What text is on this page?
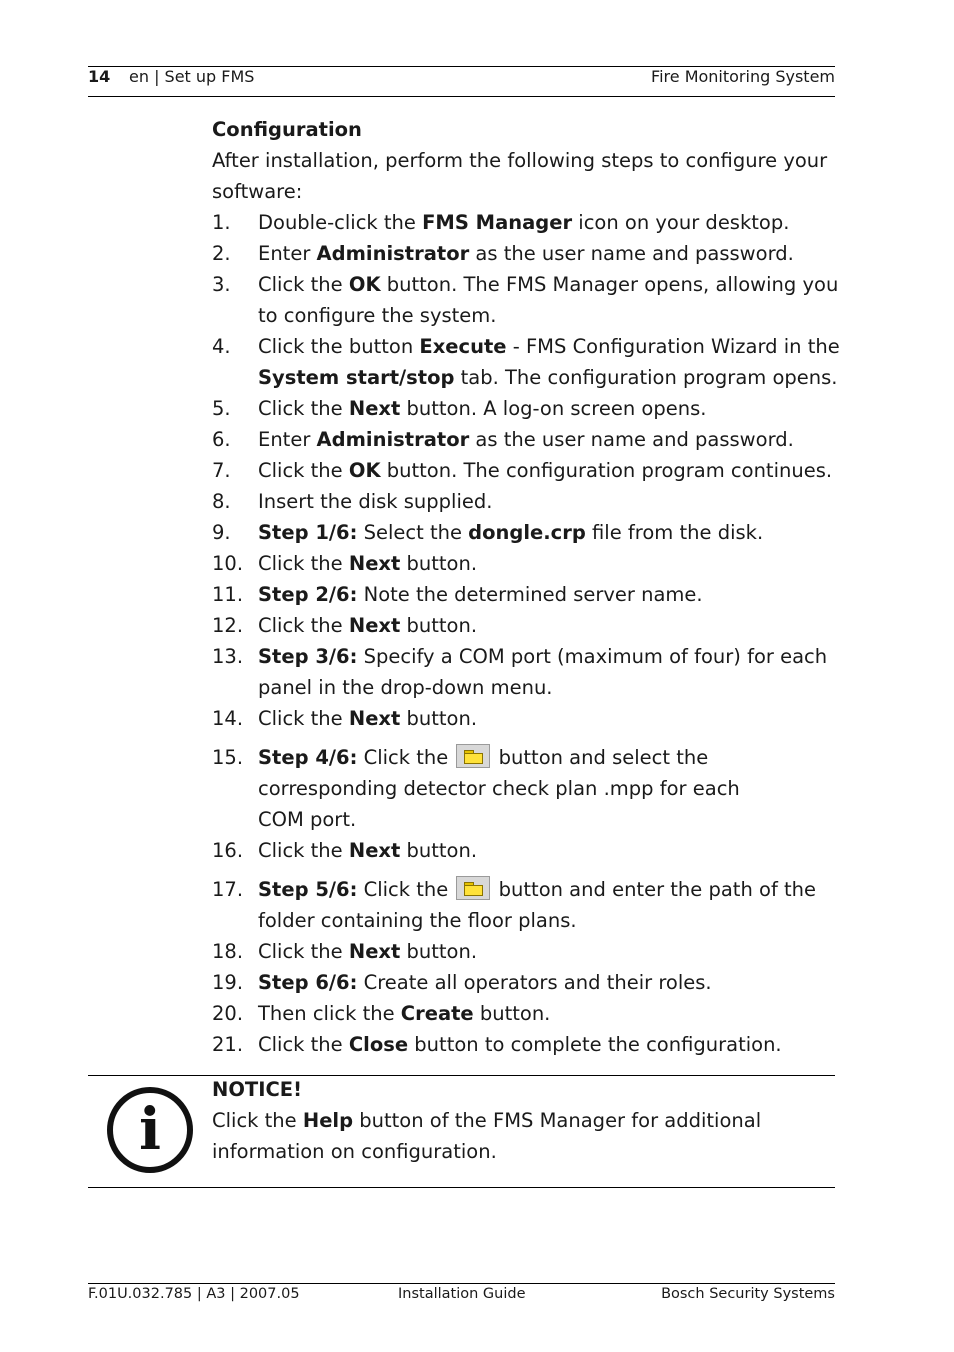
14 en | Set up FMS	Fire Monitoring System
Configuration

After installation, perform the following steps to configure your software:

1. Double-click the FMS Manager icon on your desktop.
2. Enter Administrator as the user name and password.
3. Click the OK button. The FMS Manager opens, allowing you to configure the system.
4. Click the button Execute - FMS Configuration Wizard in the System start/stop tab. The configuration program opens.
5. Click the Next button. A log-on screen opens.
6. Enter Administrator as the user name and password.
7. Click the OK button. The configuration program continues.
8. Insert the disk supplied.
9. Step 1/6: Select the dongle.crp file from the disk.
10. Click the Next button.
11. Step 2/6: Note the determined server name.
12. Click the Next button.
13. Step 3/6: Specify a COM port (maximum of four) for each panel in the drop-down menu.
14. Click the Next button.
15. Step 4/6: Click the
button and select the
corresponding detector check plan .mpp for each
COM port.
16. Click the Next button.
17. Step 5/6: Click the
button and enter the path of the folder containing the floor plans.
18. Click the Next button.
19. Step 6/6: Create all operators and their roles.
20. Then click the Create button.
21. Click the Close button to complete the configuration.
i
NOTICE!
Click the Help button of the FMS Manager for additional information on configuration.
F.01U.032.785 | A3 | 2007.05	Installation Guide	Bosch Security Systems
